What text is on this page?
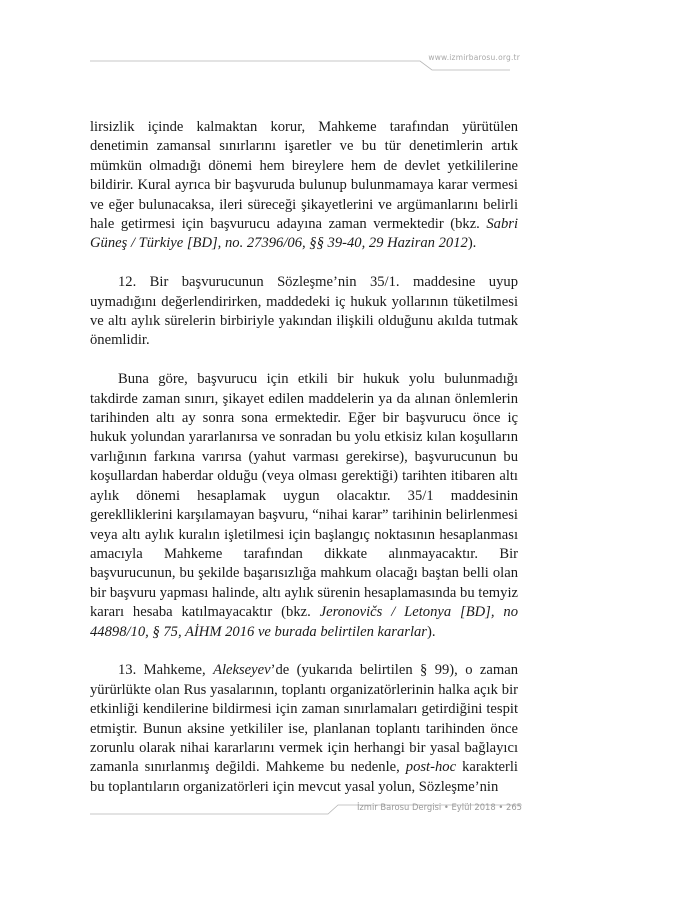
www.izmirbarosu.org.tr

lirsizlik içinde kalmaktan korur, Mahkeme tarafından yürütülen denetimin zamansal sınırlarını işaretler ve bu tür denetimlerin artık mümkün olmadığı dönemi hem bireylere hem de devlet yetkililerine bildirir. Kural ayrıca bir başvuruda bulunup bulunmamaya karar vermesi ve eğer bulunacaksa, ileri süreceği şikayetlerini ve argümanlarını belirli hale getirmesi için başvurucu adayına zaman vermektedir (bkz. Sabri Güneş / Türkiye [BD], no. 27396/06, §§ 39-40, 29 Haziran 2012).

12. Bir başvurucunun Sözleşme’nin 35/1. maddesine uyup uymadığını değerlendirirken, maddedeki iç hukuk yollarının tüketilmesi ve altı aylık sürelerin birbiriyle yakından ilişkili olduğunu akılda tutmak önemlidir.

Buna göre, başvurucu için etkili bir hukuk yolu bulunmadığı takdirde zaman sınırı, şikayet edilen maddelerin ya da alınan önlemlerin tarihinden altı ay sonra sona ermektedir. Eğer bir başvurucu önce iç hukuk yolundan yararlanırsa ve sonradan bu yolu etkisiz kılan koşulların varlığının farkına varırsa (yahut varması gerekirse), başvurucunun bu koşullardan haberdar olduğu (veya olması gerektiği) tarihten itibaren altı aylık dönemi hesaplamak uygun olacaktır. 35/1 maddesinin gereklliklerini karşılamayan başvuru, “nihai karar” tarihinin belirlenmesi veya altı aylık kuralın işletilmesi için başlangıç noktasının hesaplanması amacıyla Mahkeme tarafından dikkate alınmayacaktır. Bir başvurucunun, bu şekilde başarısızlığa mahkum olacağı baştan belli olan bir başvuru yapması halinde, altı aylık sürenin hesaplamasında bu temyiz kararı hesaba katılmayacaktır (bkz. Jeronovičs / Letonya [BD], no 44898/10, § 75, AİHM 2016 ve burada belirtilen kararlar).

13. Mahkeme, Alekseyev’de (yukarıda belirtilen § 99), o zaman yürürlükte olan Rus yasalarının, toplantı organizatörlerinin halka açık bir etkinliği kendilerine bildirmesi için zaman sınırlamaları getirdiğini tespit etmiştir. Bunun aksine yetkililer ise, planlanan toplantı tarihinden önce zorunlu olarak nihai kararlarını vermek için herhangi bir yasal bağlayıcı zamanla sınırlanmış değildi. Mahkeme bu nedenle, post-hoc karakterli bu toplantıların organizatörleri için mevcut yasal yolun, Sözleşme’nin

İzmir Barosu Dergisi • Eylül 2018 • 265
